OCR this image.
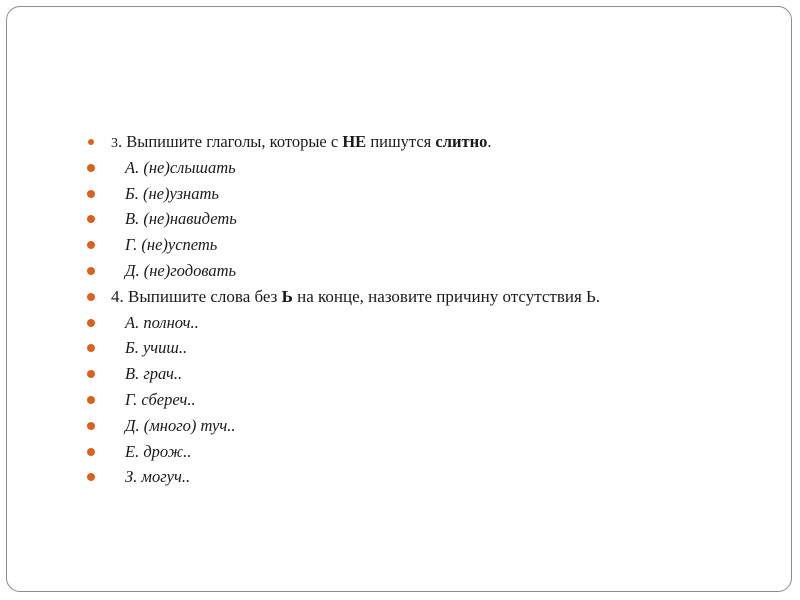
3. Выпишите глаголы, которые с НЕ пишутся слитно.
А. (не)слышать
Б. (не)узнать
В. (не)навидеть
Г. (не)успеть
Д. (не)годовать
4. Выпишите слова без Ь на конце, назовите причину отсутствия Ь.
А. полноч..
Б. учиш..
В. грач..
Г. сбереч..
Д. (много) туч..
Е. дрож..
З. могуч..
